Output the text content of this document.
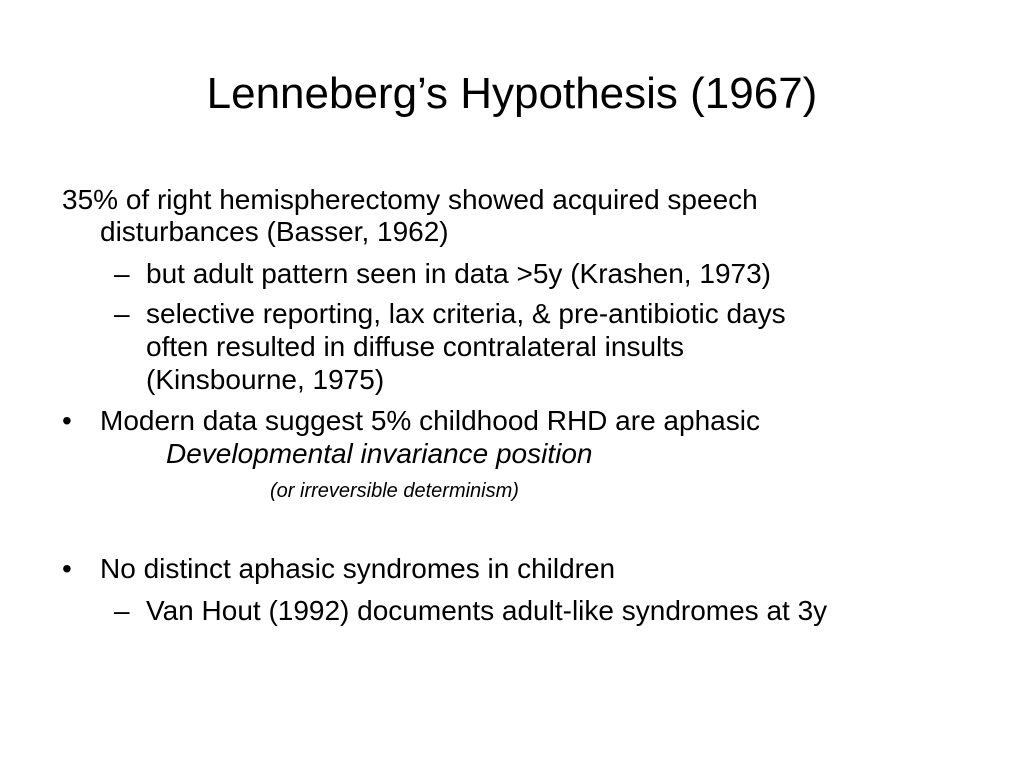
Lenneberg’s Hypothesis (1967)
35% of right hemispherectomy showed acquired speech
disturbances (Basser, 1962)
– but adult pattern seen in data >5y (Krashen, 1973)
– selective reporting, lax criteria, & pre-antibiotic days
often resulted in diffuse contralateral insults
(Kinsbourne, 1975)
• Modern data suggest 5% childhood RHD are aphasic
Developmental invariance position
(or irreversible determinism)
• No distinct aphasic syndromes in children
– Van Hout (1992) documents adult-like syndromes at 3y
